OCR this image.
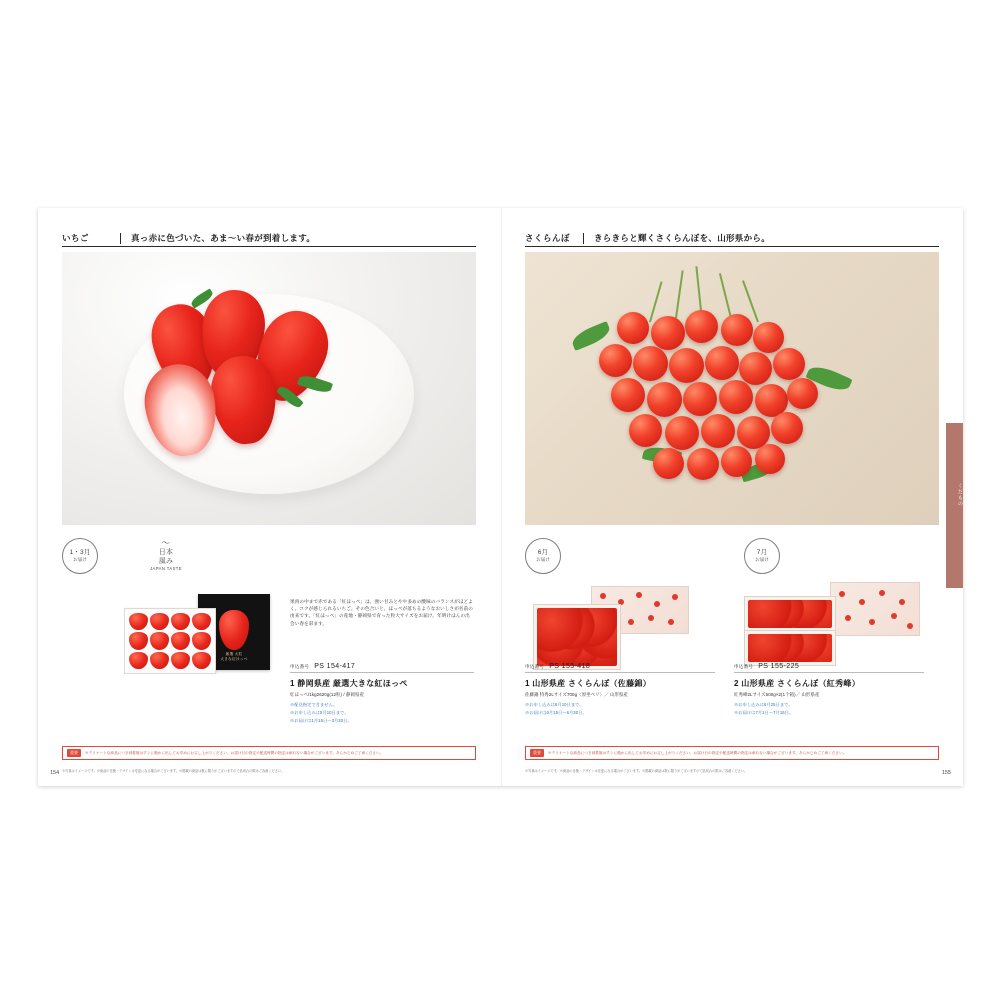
いちご	真っ赤に色づいた、あま～い春が到着します。
1・3月
お届け
〜
日本
風み
JAPAN TASTE
厳選 大粒
大きな紅ほっぺ
果肉の中まで赤である「紅ほっぺ」は、強い甘みとやや多めの酸味のバランスがほどよく、コクが感じられるいちご。その色合いと、ほっぺが落ちるようなおいしさが名前の由来です。「紅ほっぺ」の産地・静岡県で育った粒大サイズをお届け。年明けほんの出会い春を彩ます。
申込番号 PS 154-417
1 静岡県産 厳選大きな紅ほっぺ
紅ほっぺ/1kg2620g(12粒) / 静岡県産
※配送指定できません。
※お申し込みは5月10日まで。
※お届けは1月15日～3月30日。
重要	※デリケートな商品につき到着後はすぐに箱から出してお早めにお召し上がりください。お届け日の指定や配送時間の指定は承れない場合がございます。あらかじめご了承ください。
※写真はイメージです。※商品の仕様・デザインは変更になる場合がございます。※掲載の商品は数に限りがございますので品切れの際はご容赦ください。
154
さくらんぼ	きらきらと輝くさくらんぼを、山形県から。
6月
お届け
申込番号 PS 155-418
1 山形県産 さくらんぼ（佐藤錦）
佐藤錦 特秀2Lサイズ700g〈原坐ベリ〉／ 山形県産
※お申し込みは6月10日まで。
※お届けは6月15日～6月30日。
7月
お届け
申込番号 PS 155-225
2 山形県産 さくらんぼ（紅秀峰）
紅秀峰2Lサイズ500g×2(1个箱)／ 山形県産
※お申し込みは6月25日まで。
※お届けは7月1日～7月15日。
重要	※デリケートな商品につき到着後はすぐに箱から出してお早めにお召し上がりください。お届け日の指定や配送時間の指定は承れない場合がございます。あらかじめご了承ください。
※写真はイメージです。※商品の仕様・デザインは変更になる場合がございます。※掲載の商品は数に限りがございますので品切れの際はご容赦ください。	155
くだもの
